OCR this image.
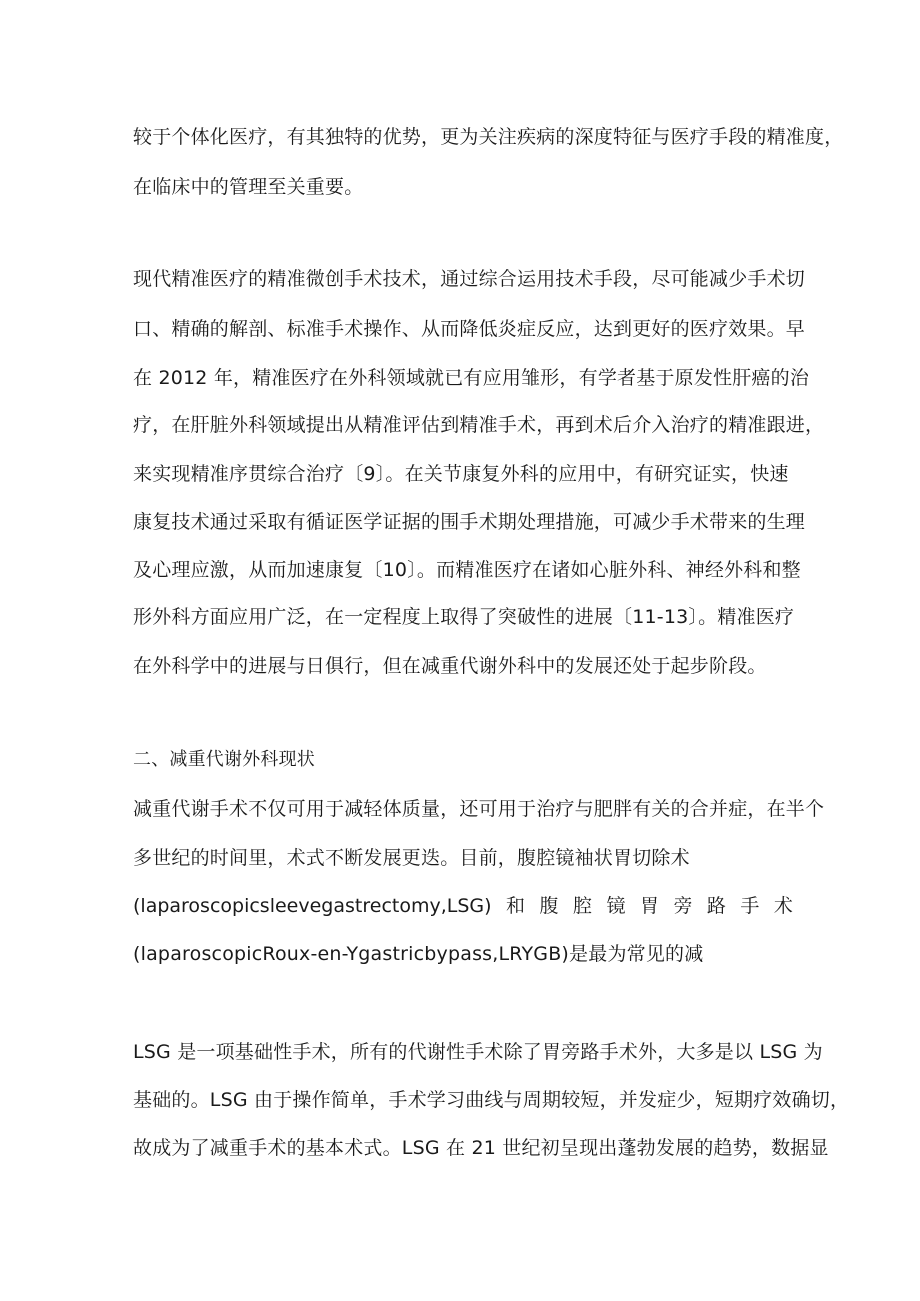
较于个体化医疗，有其独特的优势，更为关注疾病的深度特征与医疗手段的精准度，

在临床中的管理至关重要。

现代精准医疗的精准微创手术技术，通过综合运用技术手段，尽可能减少手术切

口、精确的解剖、标准手术操作、从而降低炎症反应，达到更好的医疗效果。早

在 2012 年，精准医疗在外科领域就已有应用雏形，有学者基于原发性肝癌的治

疗，在肝脏外科领域提出从精准评估到精准手术，再到术后介入治疗的精准跟进，

来实现精准序贯综合治疗〔9〕。在关节康复外科的应用中，有研究证实，快速

康复技术通过采取有循证医学证据的围手术期处理措施，可减少手术带来的生理

及心理应激，从而加速康复〔10〕。而精准医疗在诸如心脏外科、神经外科和整

形外科方面应用广泛，在一定程度上取得了突破性的进展〔11-13〕。精准医疗

在外科学中的进展与日俱行，但在减重代谢外科中的发展还处于起步阶段。

二、减重代谢外科现状

减重代谢手术不仅可用于减轻体质量，还可用于治疗与肥胖有关的合并症，在半个

多世纪的时间里，术式不断发展更迭。目前，腹腔镜袖状胃切除术

(laparoscopicsleevegastrectomy,LSG) 和 腹 腔 镜 胃 旁 路 手 术

(laparoscopicRoux-en-Ygastricbypass,LRYGB)是最为常见的减

LSG 是一项基础性手术，所有的代谢性手术除了胃旁路手术外，大多是以 LSG 为

基础的。LSG 由于操作简单，手术学习曲线与周期较短，并发症少，短期疗效确切，

故成为了减重手术的基本术式。LSG 在 21 世纪初呈现出蓬勃发展的趋势，数据显
